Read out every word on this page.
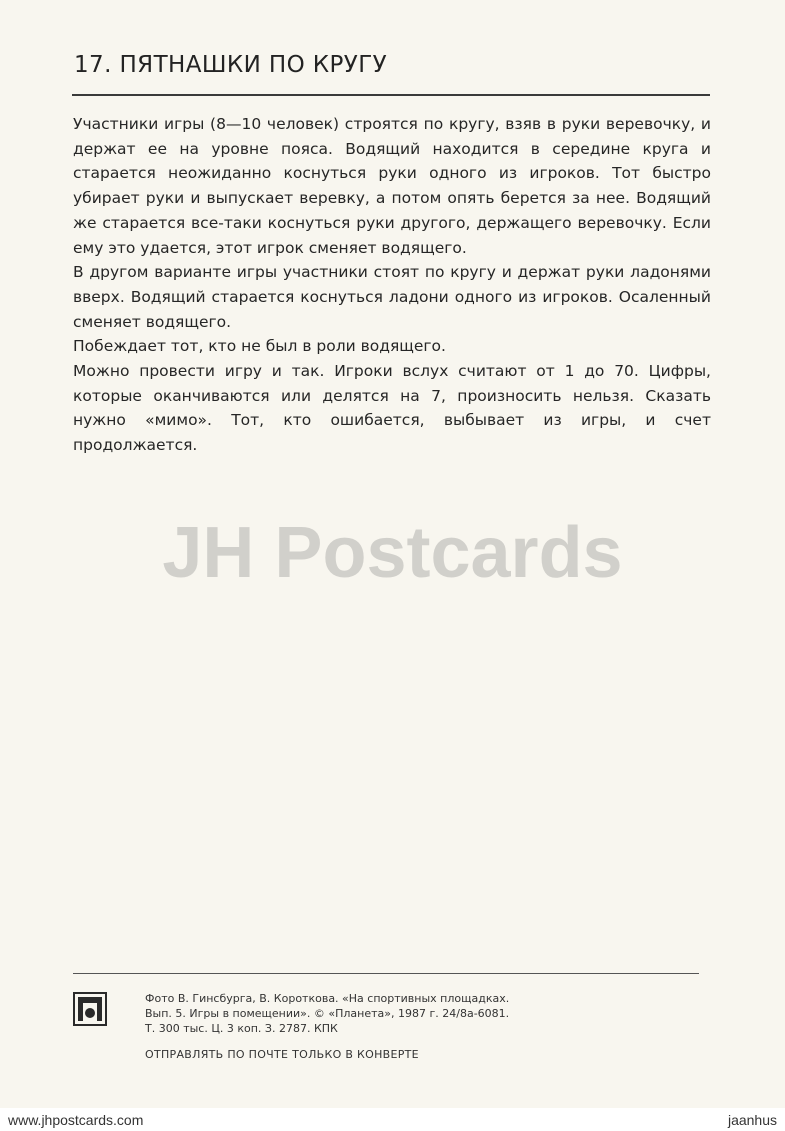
17. ПЯТНАШКИ ПО КРУГУ

Участники игры (8—10 человек) строятся по кругу, взяв в руки веревочку, и держат ее на уровне пояса. Водящий находится в середине круга и старается неожиданно коснуться руки одного из игроков. Тот быстро убирает руки и выпускает веревку, а потом опять берется за нее. Водящий же старается все-таки коснуться руки другого, держащего веревочку. Если ему это удается, этот игрок сменяет водящего.

В другом варианте игры участники стоят по кругу и держат руки ладонями вверх. Водящий старается коснуться ладони одного из игроков. Осаленный сменяет водящего.

Побеждает тот, кто не был в роли водящего.

Можно провести игру и так. Игроки вслух считают от 1 до 70. Цифры, которые оканчиваются или делятся на 7, произносить нельзя. Сказать нужно «мимо». Тот, кто ошибается, выбывает из игры, и счет продолжается.

JH Postcards
Фото В. Гинсбурга, В. Короткова. «На спортивных площадках.
Вып. 5. Игры в помещении». © «Планета», 1987 г. 24/8а-6081.
Т. 300 тыс. Ц. 3 коп. З. 2787. КПК
ОТПРАВЛЯТЬ ПО ПОЧТЕ ТОЛЬКО В КОНВЕРТЕ
www.jhpostcards.com	jaanhus
